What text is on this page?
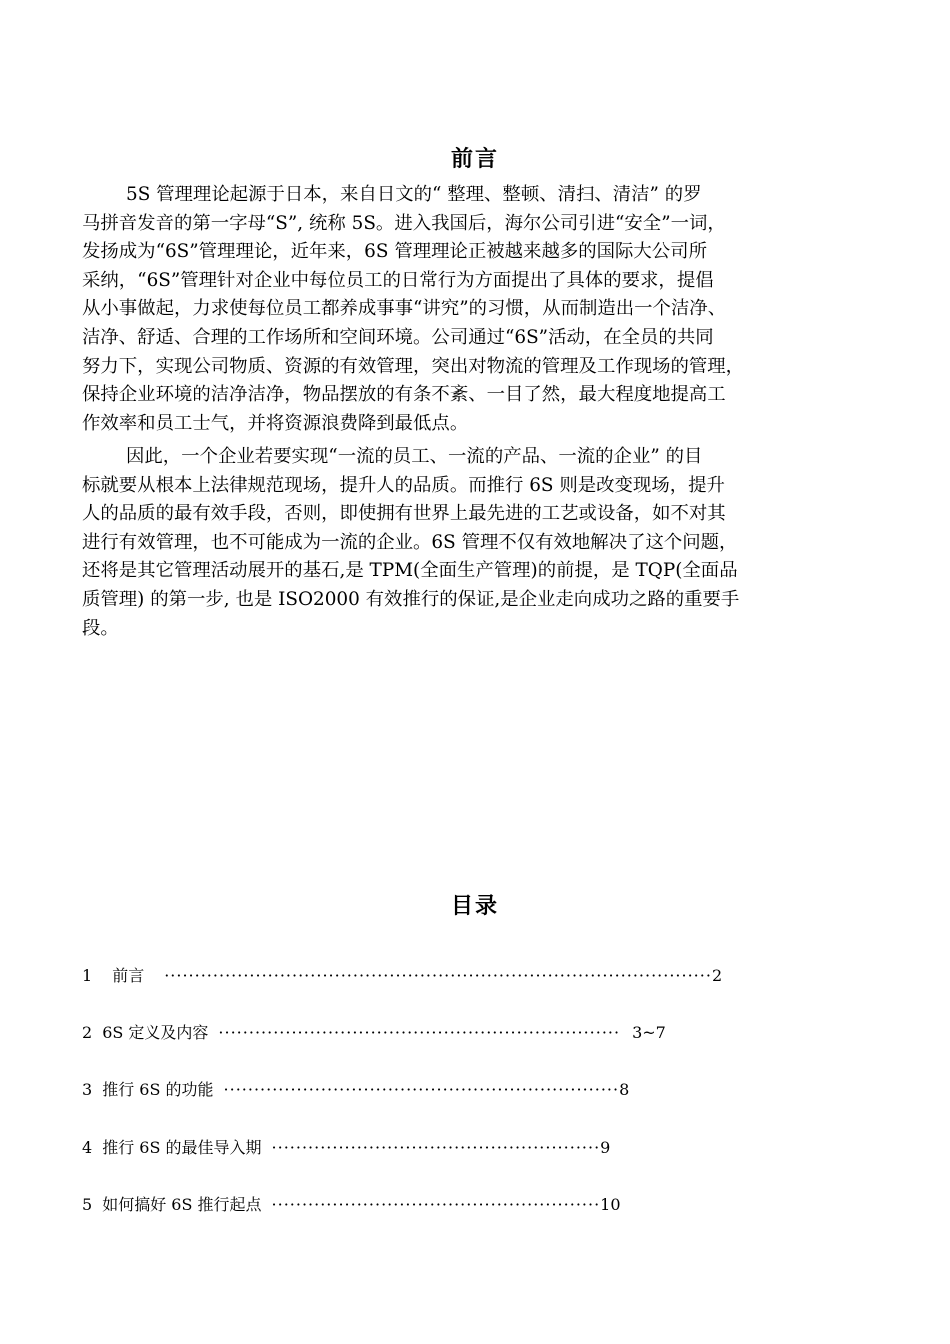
前言
5S 管理理论起源于日本，来自日文的“ 整理、整顿、清扫、清洁” 的罗
马拼音发音的第一字母“S”, 统称 5S。进入我国后，海尔公司引进“安全”一词，
发扬成为“6S”管理理论，近年来，6S 管理理论正被越来越多的国际大公司所
采纳，“6S”管理针对企业中每位员工的日常行为方面提出了具体的要求，提倡
从小事做起，力求使每位员工都养成事事“讲究”的习惯，从而制造出一个洁净、
洁净、舒适、合理的工作场所和空间环境。公司通过“6S”活动，在全员的共同
努力下，实现公司物质、资源的有效管理，突出对物流的管理及工作现场的管理，
保持企业环境的洁净洁净，物品摆放的有条不紊、一目了然，最大程度地提高工
作效率和员工士气，并将资源浪费降到最低点。
因此，一个企业若要实现“一流的员工、一流的产品、一流的企业” 的目
标就要从根本上法律规范现场，提升人的品质。而推行 6S 则是改变现场，提升
人的品质的最有效手段，否则，即使拥有世界上最先进的工艺或设备，如不对其
进行有效管理，也不可能成为一流的企业。6S 管理不仅有效地解决了这个问题，
还将是其它管理活动展开的基石,是 TPM(全面生产管理)的前提，是 TQP(全面品
质管理) 的第一步, 也是 ISO2000 有效推行的保证,是企业走向成功之路的重要手
段。
目录
1 前言 ··························································································2
2 6S 定义及内容 ·································································· 3~7
3 推行 6S 的功能 ·································································8
4 推行 6S 的最佳导入期 ······················································9
5 如何搞好 6S 推行起点 ······················································10
